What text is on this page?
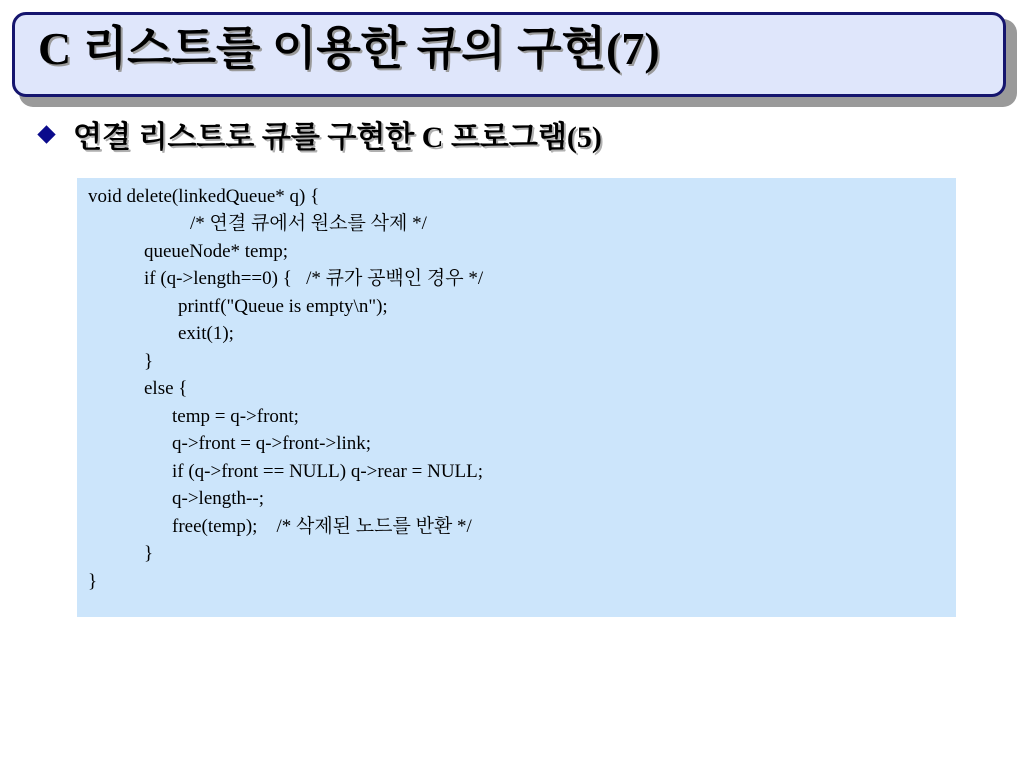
C 리스트를 이용한 큐의 구현(7)
연결 리스트로 큐를 구현한 C 프로그램(5)
void delete(linkedQueue* q) {
/* 연결 큐에서 원소를 삭제 */
queueNode* temp;
if (q->length==0) {   /* 큐가 공백인 경우 */
printf("Queue is empty\n");
exit(1);
}
else {
temp = q->front;
q->front = q->front->link;
if (q->front == NULL) q->rear = NULL;
q->length--;
free(temp);    /* 삭제된 노드를 반환 */
}
}
